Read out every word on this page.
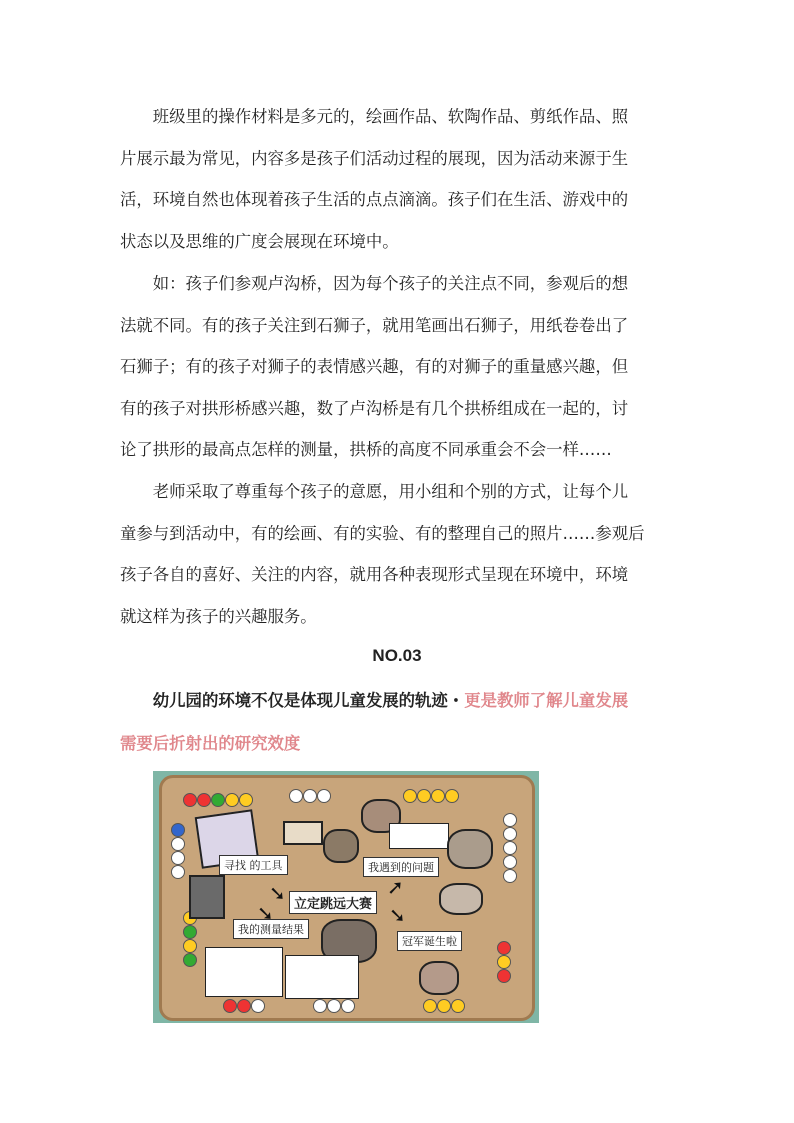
　　班级里的操作材料是多元的，绘画作品、软陶作品、剪纸作品、照
片展示最为常见，内容多是孩子们活动过程的展现，因为活动来源于生
活，环境自然也体现着孩子生活的点点滴滴。孩子们在生活、游戏中的
状态以及思维的广度会展现在环境中。
　　如：孩子们参观卢沟桥，因为每个孩子的关注点不同，参观后的想
法就不同。有的孩子关注到石狮子，就用笔画出石狮子，用纸卷卷出了
石狮子；有的孩子对狮子的表情感兴趣，有的对狮子的重量感兴趣，但
有的孩子对拱形桥感兴趣，数了卢沟桥是有几个拱桥组成在一起的，讨
论了拱形的最高点怎样的测量，拱桥的高度不同承重会不会一样……
　　老师采取了尊重每个孩子的意愿，用小组和个别的方式，让每个儿
童参与到活动中，有的绘画、有的实验、有的整理自己的照片……参观后
孩子各自的喜好、关注的内容，就用各种表现形式呈现在环境中，环境
就这样为孩子的兴趣服务。
NO.03
　　幼儿园的环境不仅是体现儿童发展的轨迹・更是教师了解儿童发展
需要后折射出的研究效度
寻找 的工具	我遇到的问题
立定跳远大赛
我的测量结果
冠军诞生啦
➘	➚
➘	➘
